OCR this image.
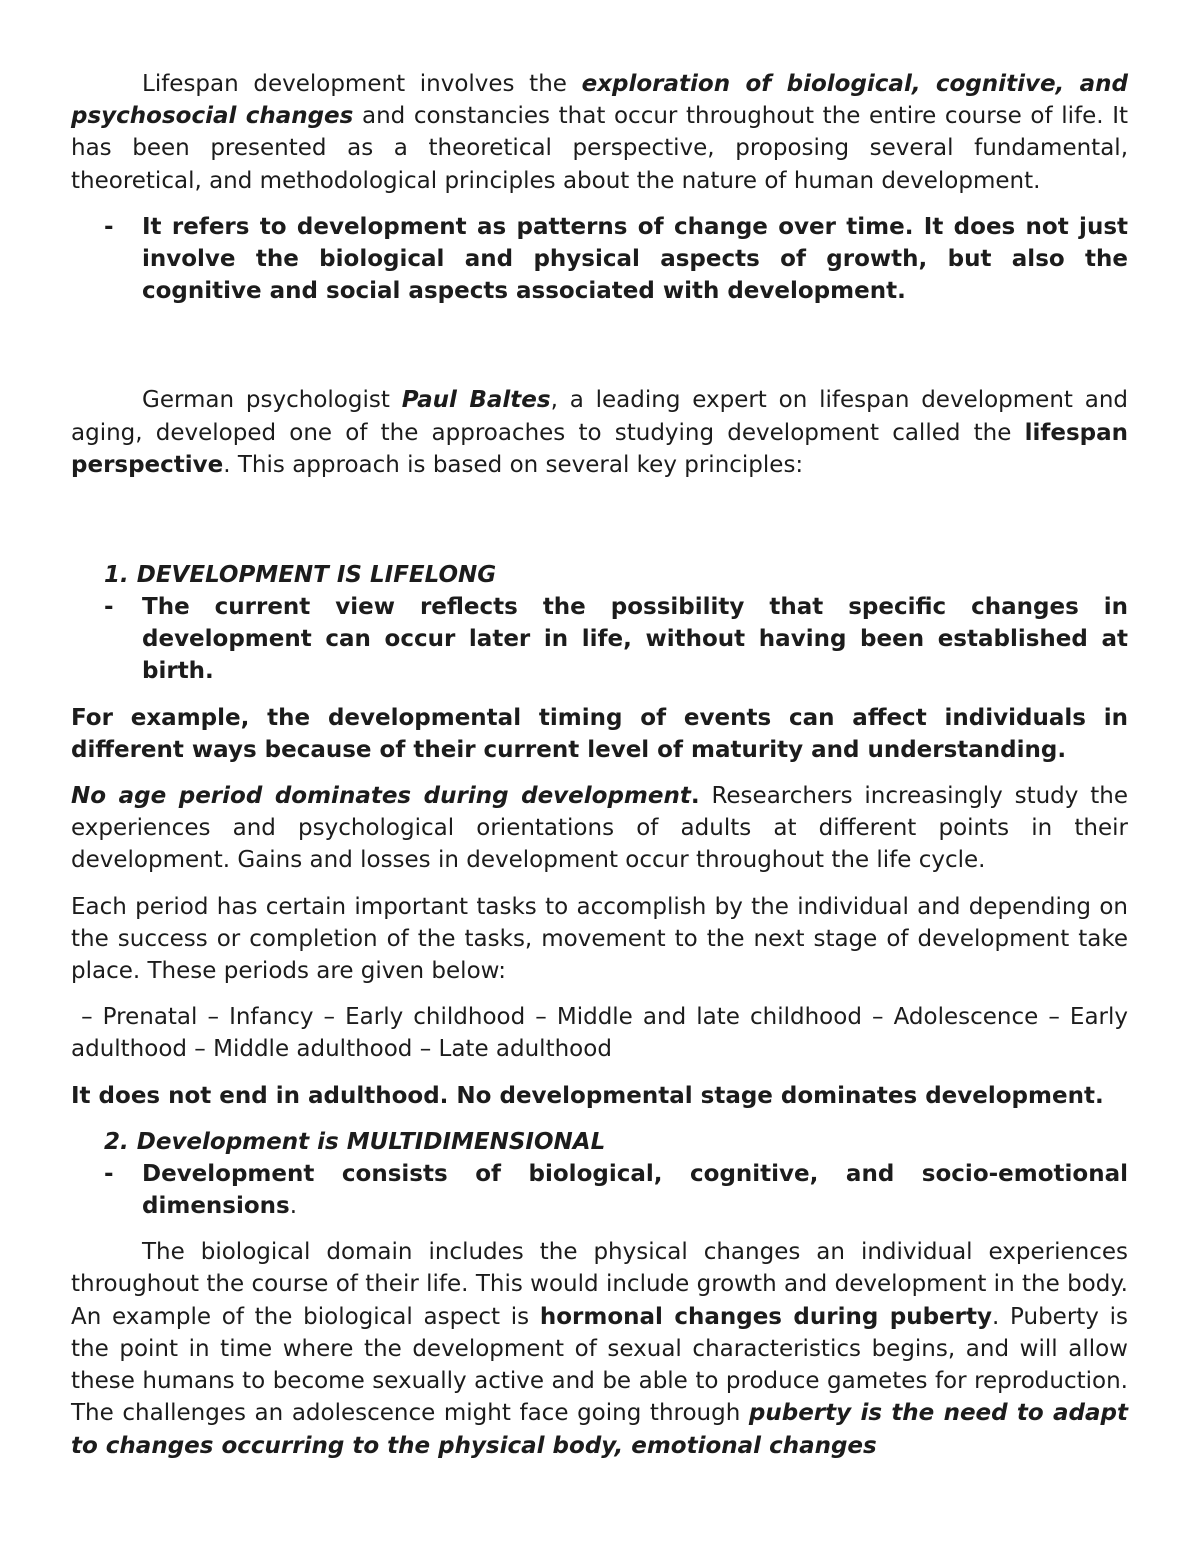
Lifespan development involves the exploration of biological, cognitive, and psychosocial changes and constancies that occur throughout the entire course of life. It has been presented as a theoretical perspective, proposing several fundamental, theoretical, and methodological principles about the nature of human development.

- It refers to development as patterns of change over time. It does not just involve the biological and physical aspects of growth, but also the cognitive and social aspects associated with development.

German psychologist Paul Baltes, a leading expert on lifespan development and aging, developed one of the approaches to studying development called the lifespan perspective. This approach is based on several key principles:

1. DEVELOPMENT IS LIFELONG

- The current view reflects the possibility that specific changes in development can occur later in life, without having been established at birth.

For example, the developmental timing of events can affect individuals in different ways because of their current level of maturity and understanding.

No age period dominates during development. Researchers increasingly study the experiences and psychological orientations of adults at different points in their development. Gains and losses in development occur throughout the life cycle.

Each period has certain important tasks to accomplish by the individual and depending on the success or completion of the tasks, movement to the next stage of development take place. These periods are given below:

– Prenatal – Infancy – Early childhood – Middle and late childhood – Adolescence – Early adulthood – Middle adulthood – Late adulthood

It does not end in adulthood. No developmental stage dominates development.

2. Development is MULTIDIMENSIONAL

- Development consists of biological, cognitive, and socio-emotional dimensions.

The biological domain includes the physical changes an individual experiences throughout the course of their life. This would include growth and development in the body. An example of the biological aspect is hormonal changes during puberty. Puberty is the point in time where the development of sexual characteristics begins, and will allow these humans to become sexually active and be able to produce gametes for reproduction. The challenges an adolescence might face going through puberty is the need to adapt to changes occurring to the physical body, emotional changes
